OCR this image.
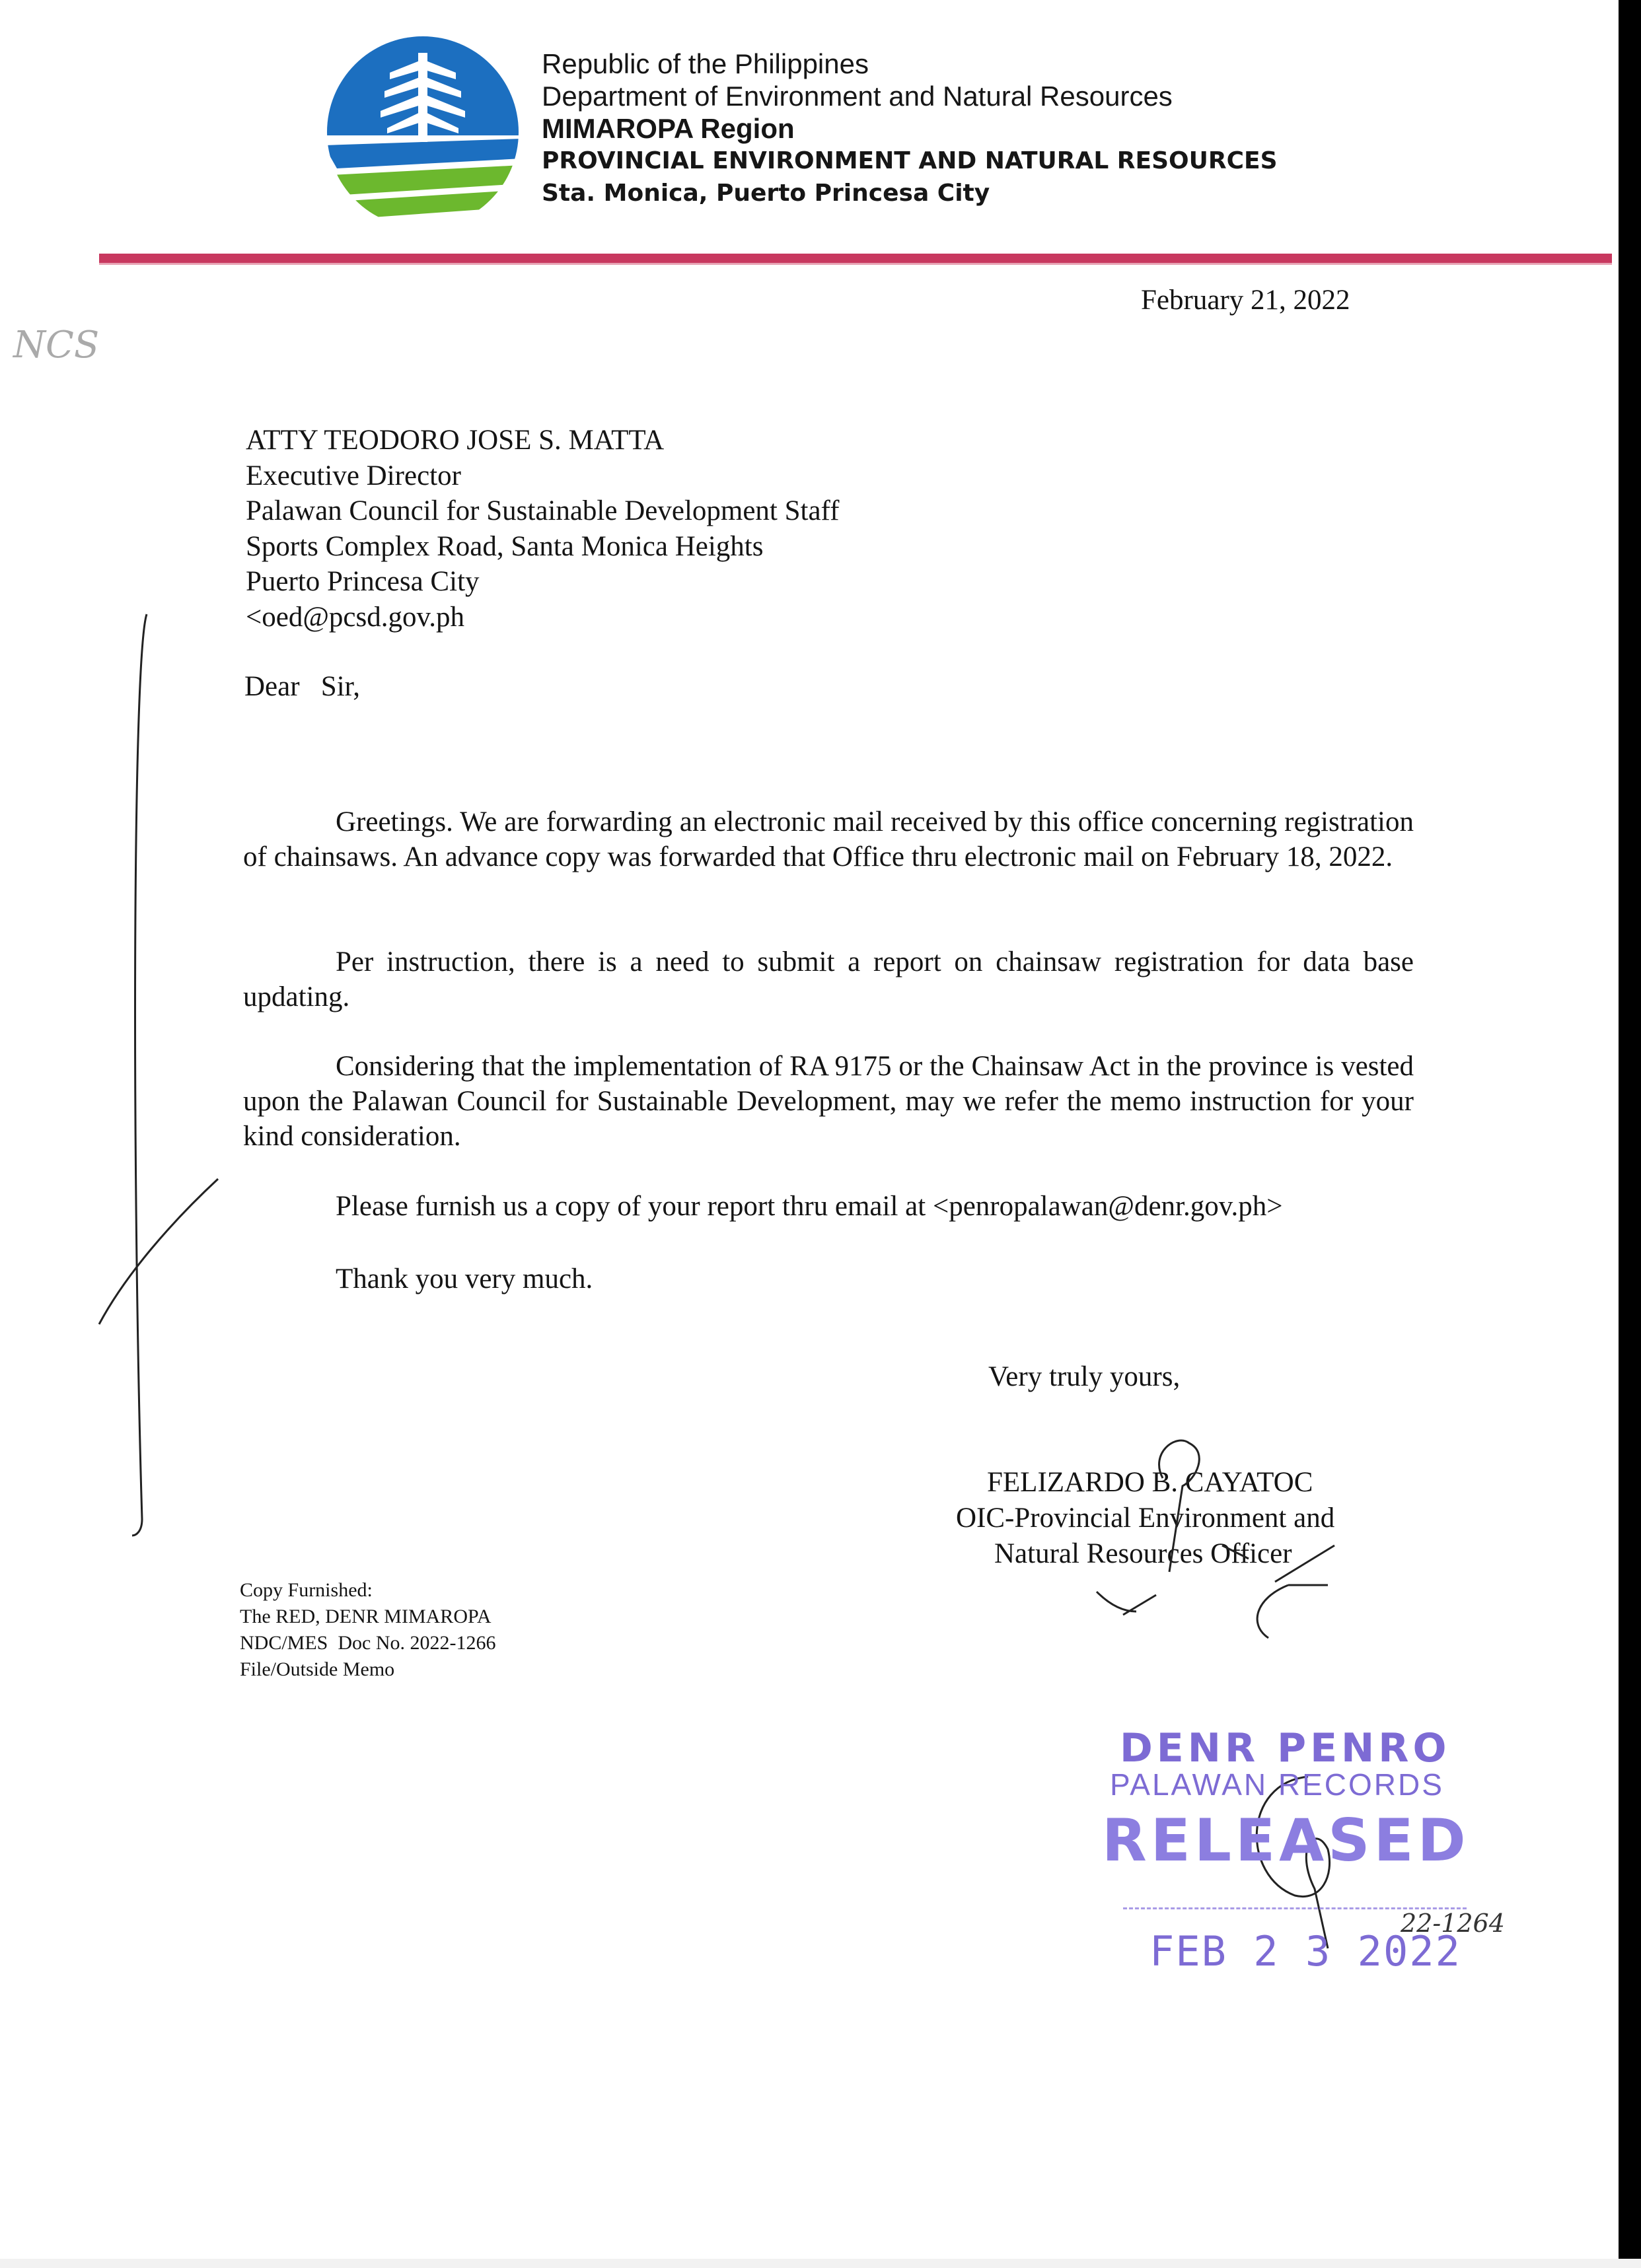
Republic of the Philippines
Department of Environment and Natural Resources
MIMAROPA Region
PROVINCIAL ENVIRONMENT AND NATURAL RESOURCES
Sta. Monica, Puerto Princesa City
February 21, 2022
ATTY TEODORO JOSE S. MATTA
Executive Director
Palawan Council for Sustainable Development Staff
Sports Complex Road, Santa Monica Heights
Puerto Princesa City
<oed@pcsd.gov.ph
Dear   Sir,
Greetings. We are forwarding an electronic mail received by this office concerning registration of chainsaws. An advance copy was forwarded that Office thru electronic mail on February 18, 2022.
Per instruction, there is a need to submit a report on chainsaw registration for data base updating.
Considering that the implementation of RA 9175 or the Chainsaw Act in the province is vested upon the Palawan Council for Sustainable Development, may we refer the memo instruction for your kind consideration.
Please furnish us a copy of your report thru email at <penropalawan@denr.gov.ph>
Thank you very much.
Very truly yours,
FELIZARDO B. CAYATOC
OIC-Provincial Environment and
Natural Resources Officer
Copy Furnished:
The RED, DENR MIMAROPA
NDC/MES  Doc No. 2022-1266
File/Outside Memo
DENR PENRO
PALAWAN RECORDS
RELEASED
FEB 2 3 2022
22-1264
NCS
